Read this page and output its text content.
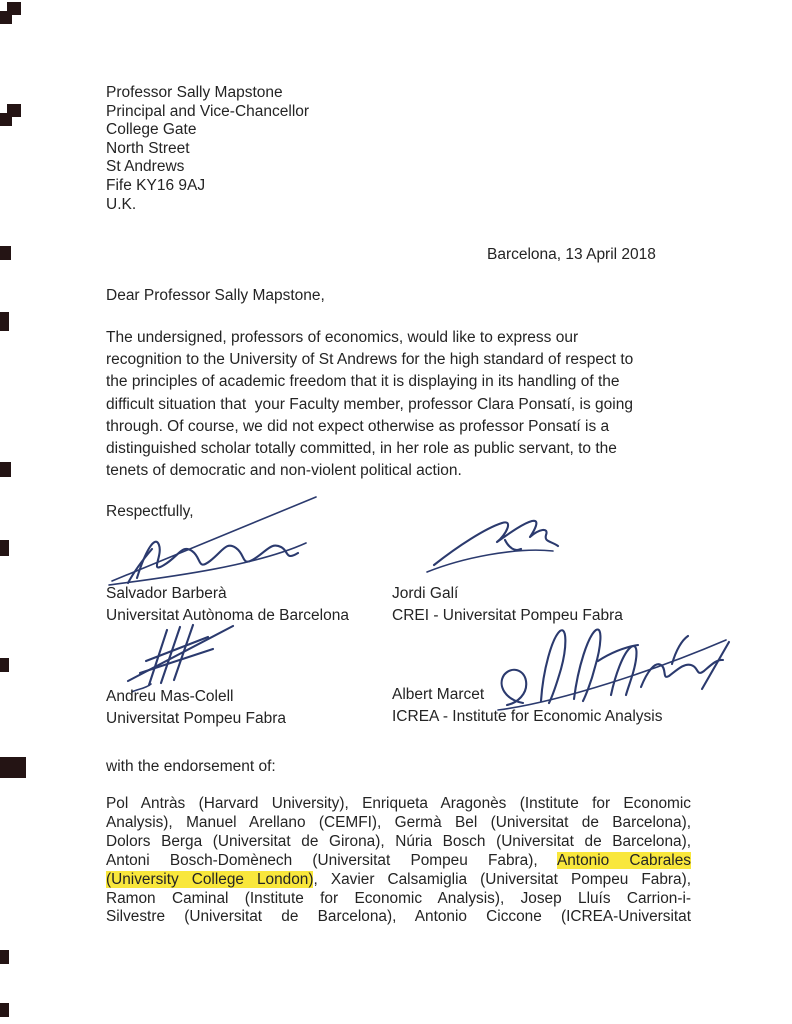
Professor Sally Mapstone
Principal and Vice-Chancellor
College Gate
North Street
St Andrews
Fife KY16 9AJ
U.K.
Barcelona, 13 April 2018
Dear Professor Sally Mapstone,
The undersigned, professors of economics, would like to express our
recognition to the University of St Andrews for the high standard of respect to
the principles of academic freedom that it is displaying in its handling of the
difficult situation that  your Faculty member, professor Clara Ponsatí, is going
through. Of course, we did not expect otherwise as professor Ponsatí is a
distinguished scholar totally committed, in her role as public servant, to the
tenets of democratic and non-violent political action.
Respectfully,
Salvador Barberà
Universitat Autònoma de Barcelona
Jordi Galí
CREI - Universitat Pompeu Fabra
Andreu Mas-Colell
Universitat Pompeu Fabra
Albert Marcet
ICREA - Institute for Economic Analysis
with the endorsement of:
Pol Antràs (Harvard University), Enriqueta Aragonès (Institute for Economic
Analysis), Manuel Arellano (CEMFI), Germà Bel (Universitat de Barcelona),
Dolors Berga (Universitat de Girona), Núria Bosch (Universitat de Barcelona),
Antoni Bosch-Domènech (Universitat Pompeu Fabra), Antonio Cabrales
(University College London), Xavier Calsamiglia (Universitat Pompeu Fabra),
Ramon Caminal (Institute for Economic Analysis), Josep Lluís Carrion-i-
Silvestre (Universitat de Barcelona), Antonio Ciccone (ICREA-Universitat
